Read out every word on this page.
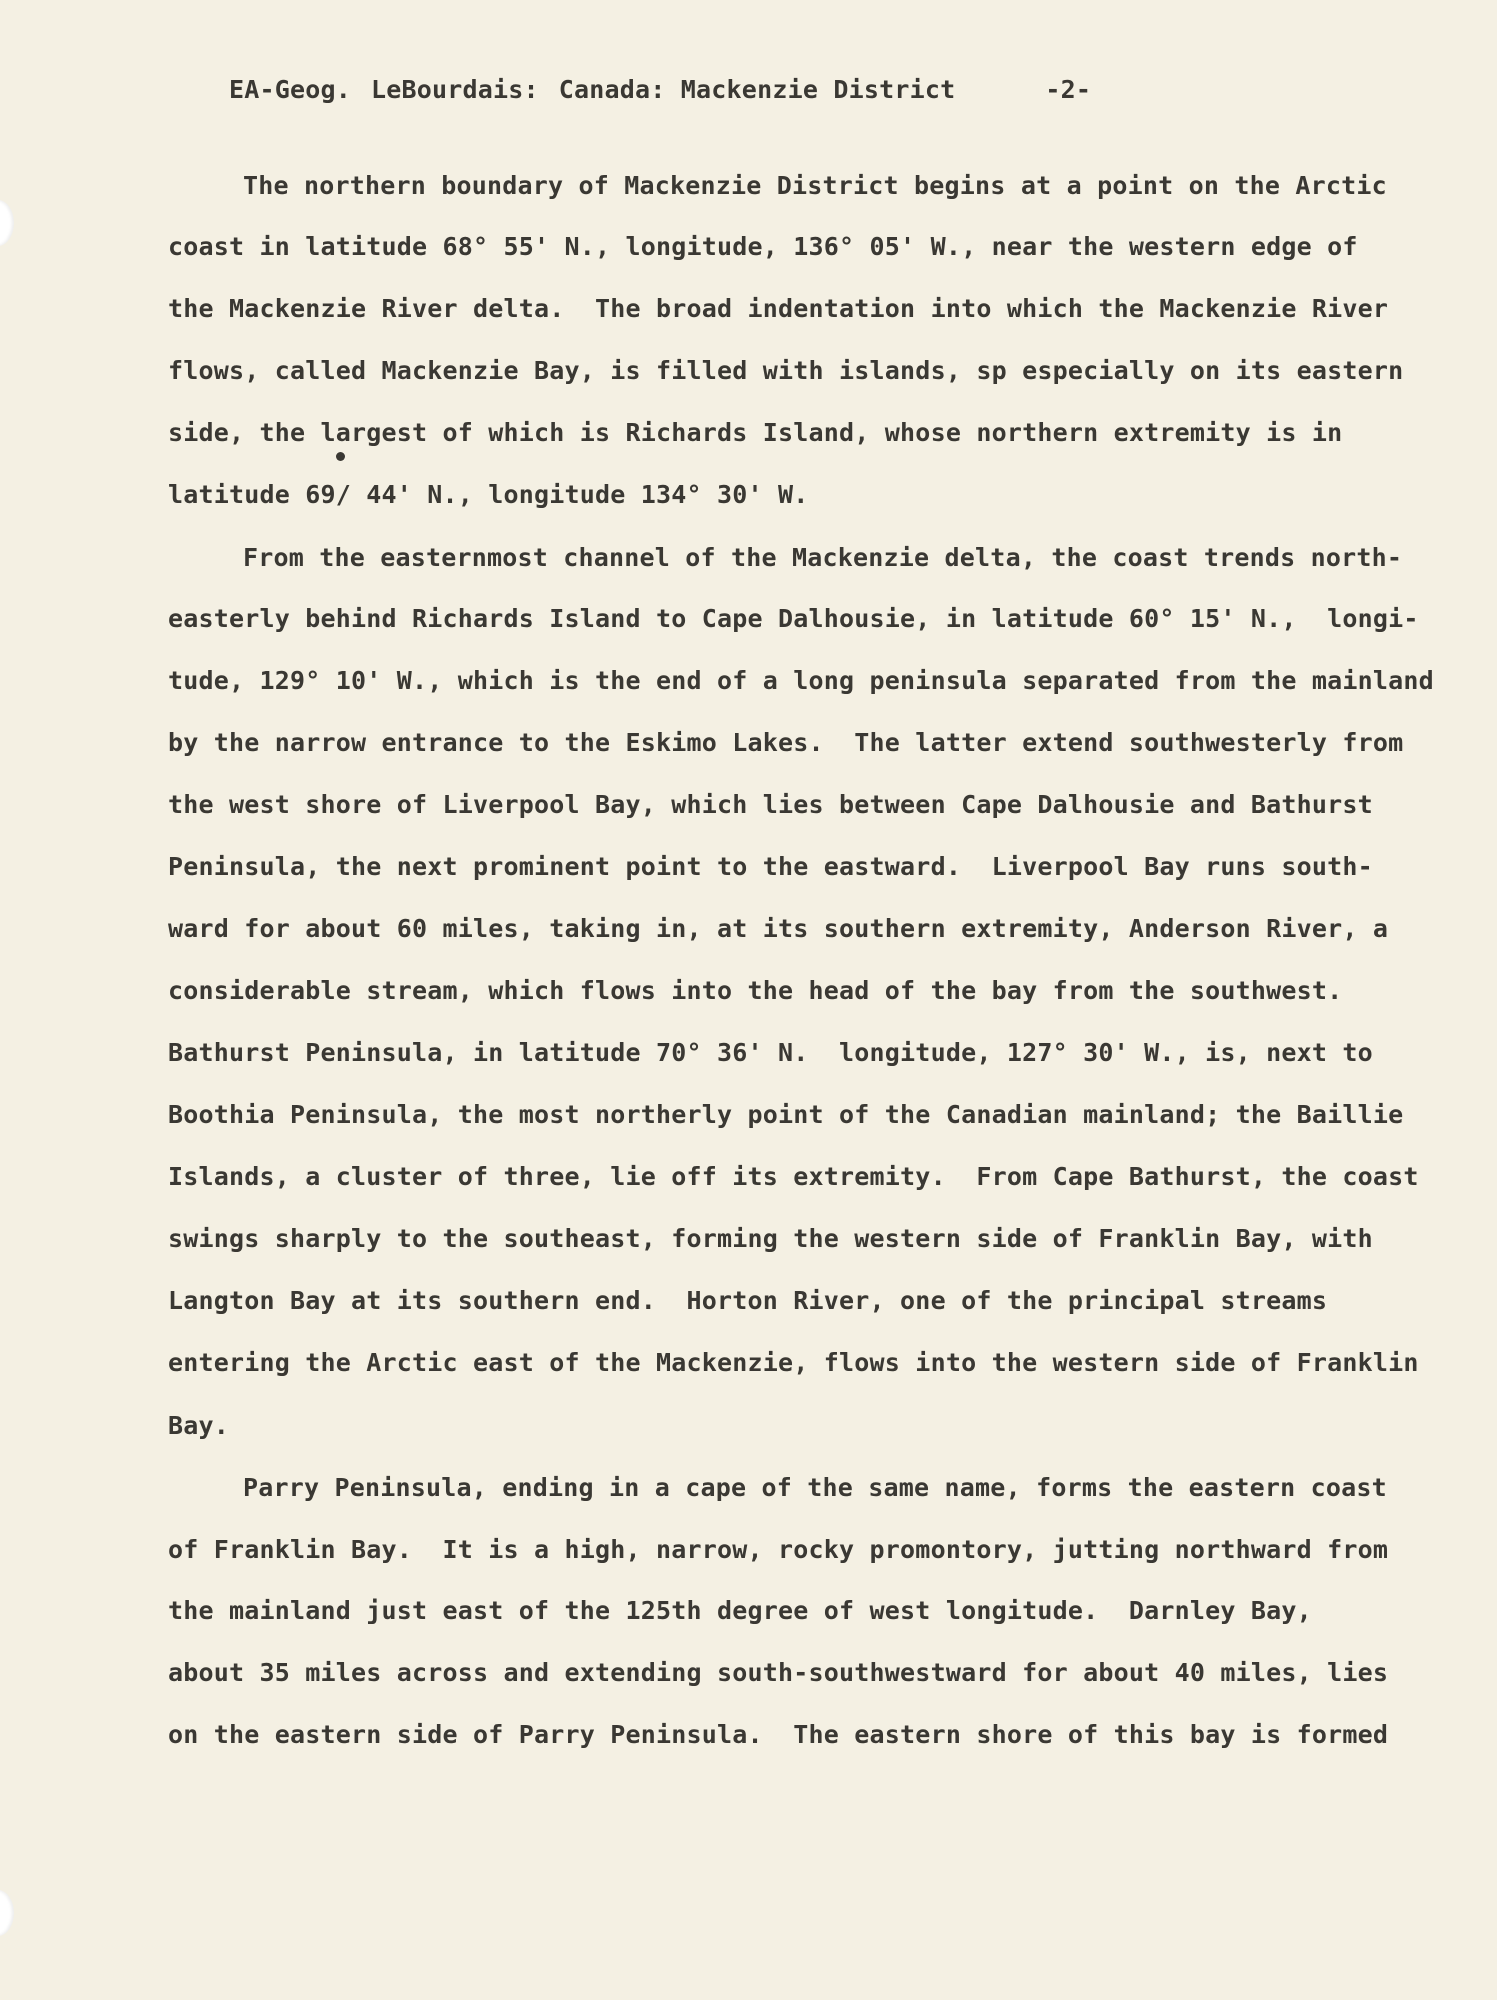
EA-Geog. LeBourdais: Canada: Mackenzie District	-2-

The northern boundary of Mackenzie District begins at a point on the Arctic
coast in latitude 68° 55' N., longitude, 136° 05' W., near the western edge of
the Mackenzie River delta.  The broad indentation into which the Mackenzie River
flows, called Mackenzie Bay, is filled with islands, sp especially on its eastern
side, the largest of which is Richards Island, whose northern extremity is in
latitude 69/ 44' N., longitude 134° 30' W.
From the easternmost channel of the Mackenzie delta, the coast trends north-
easterly behind Richards Island to Cape Dalhousie, in latitude 60° 15' N.,  longi-
tude, 129° 10' W., which is the end of a long peninsula separated from the mainland
by the narrow entrance to the Eskimo Lakes.  The latter extend southwesterly from
the west shore of Liverpool Bay, which lies between Cape Dalhousie and Bathurst
Peninsula, the next prominent point to the eastward.  Liverpool Bay runs south-
ward for about 60 miles, taking in, at its southern extremity, Anderson River, a
considerable stream, which flows into the head of the bay from the southwest.
Bathurst Peninsula, in latitude 70° 36' N.  longitude, 127° 30' W., is, next to
Boothia Peninsula, the most northerly point of the Canadian mainland; the Baillie
Islands, a cluster of three, lie off its extremity.  From Cape Bathurst, the coast
swings sharply to the southeast, forming the western side of Franklin Bay, with
Langton Bay at its southern end.  Horton River, one of the principal streams
entering the Arctic east of the Mackenzie, flows into the western side of Franklin
Bay.
Parry Peninsula, ending in a cape of the same name, forms the eastern coast
of Franklin Bay.  It is a high, narrow, rocky promontory, jutting northward from
the mainland just east of the 125th degree of west longitude.  Darnley Bay,
about 35 miles across and extending south-southwestward for about 40 miles, lies
on the eastern side of Parry Peninsula.  The eastern shore of this bay is formed
